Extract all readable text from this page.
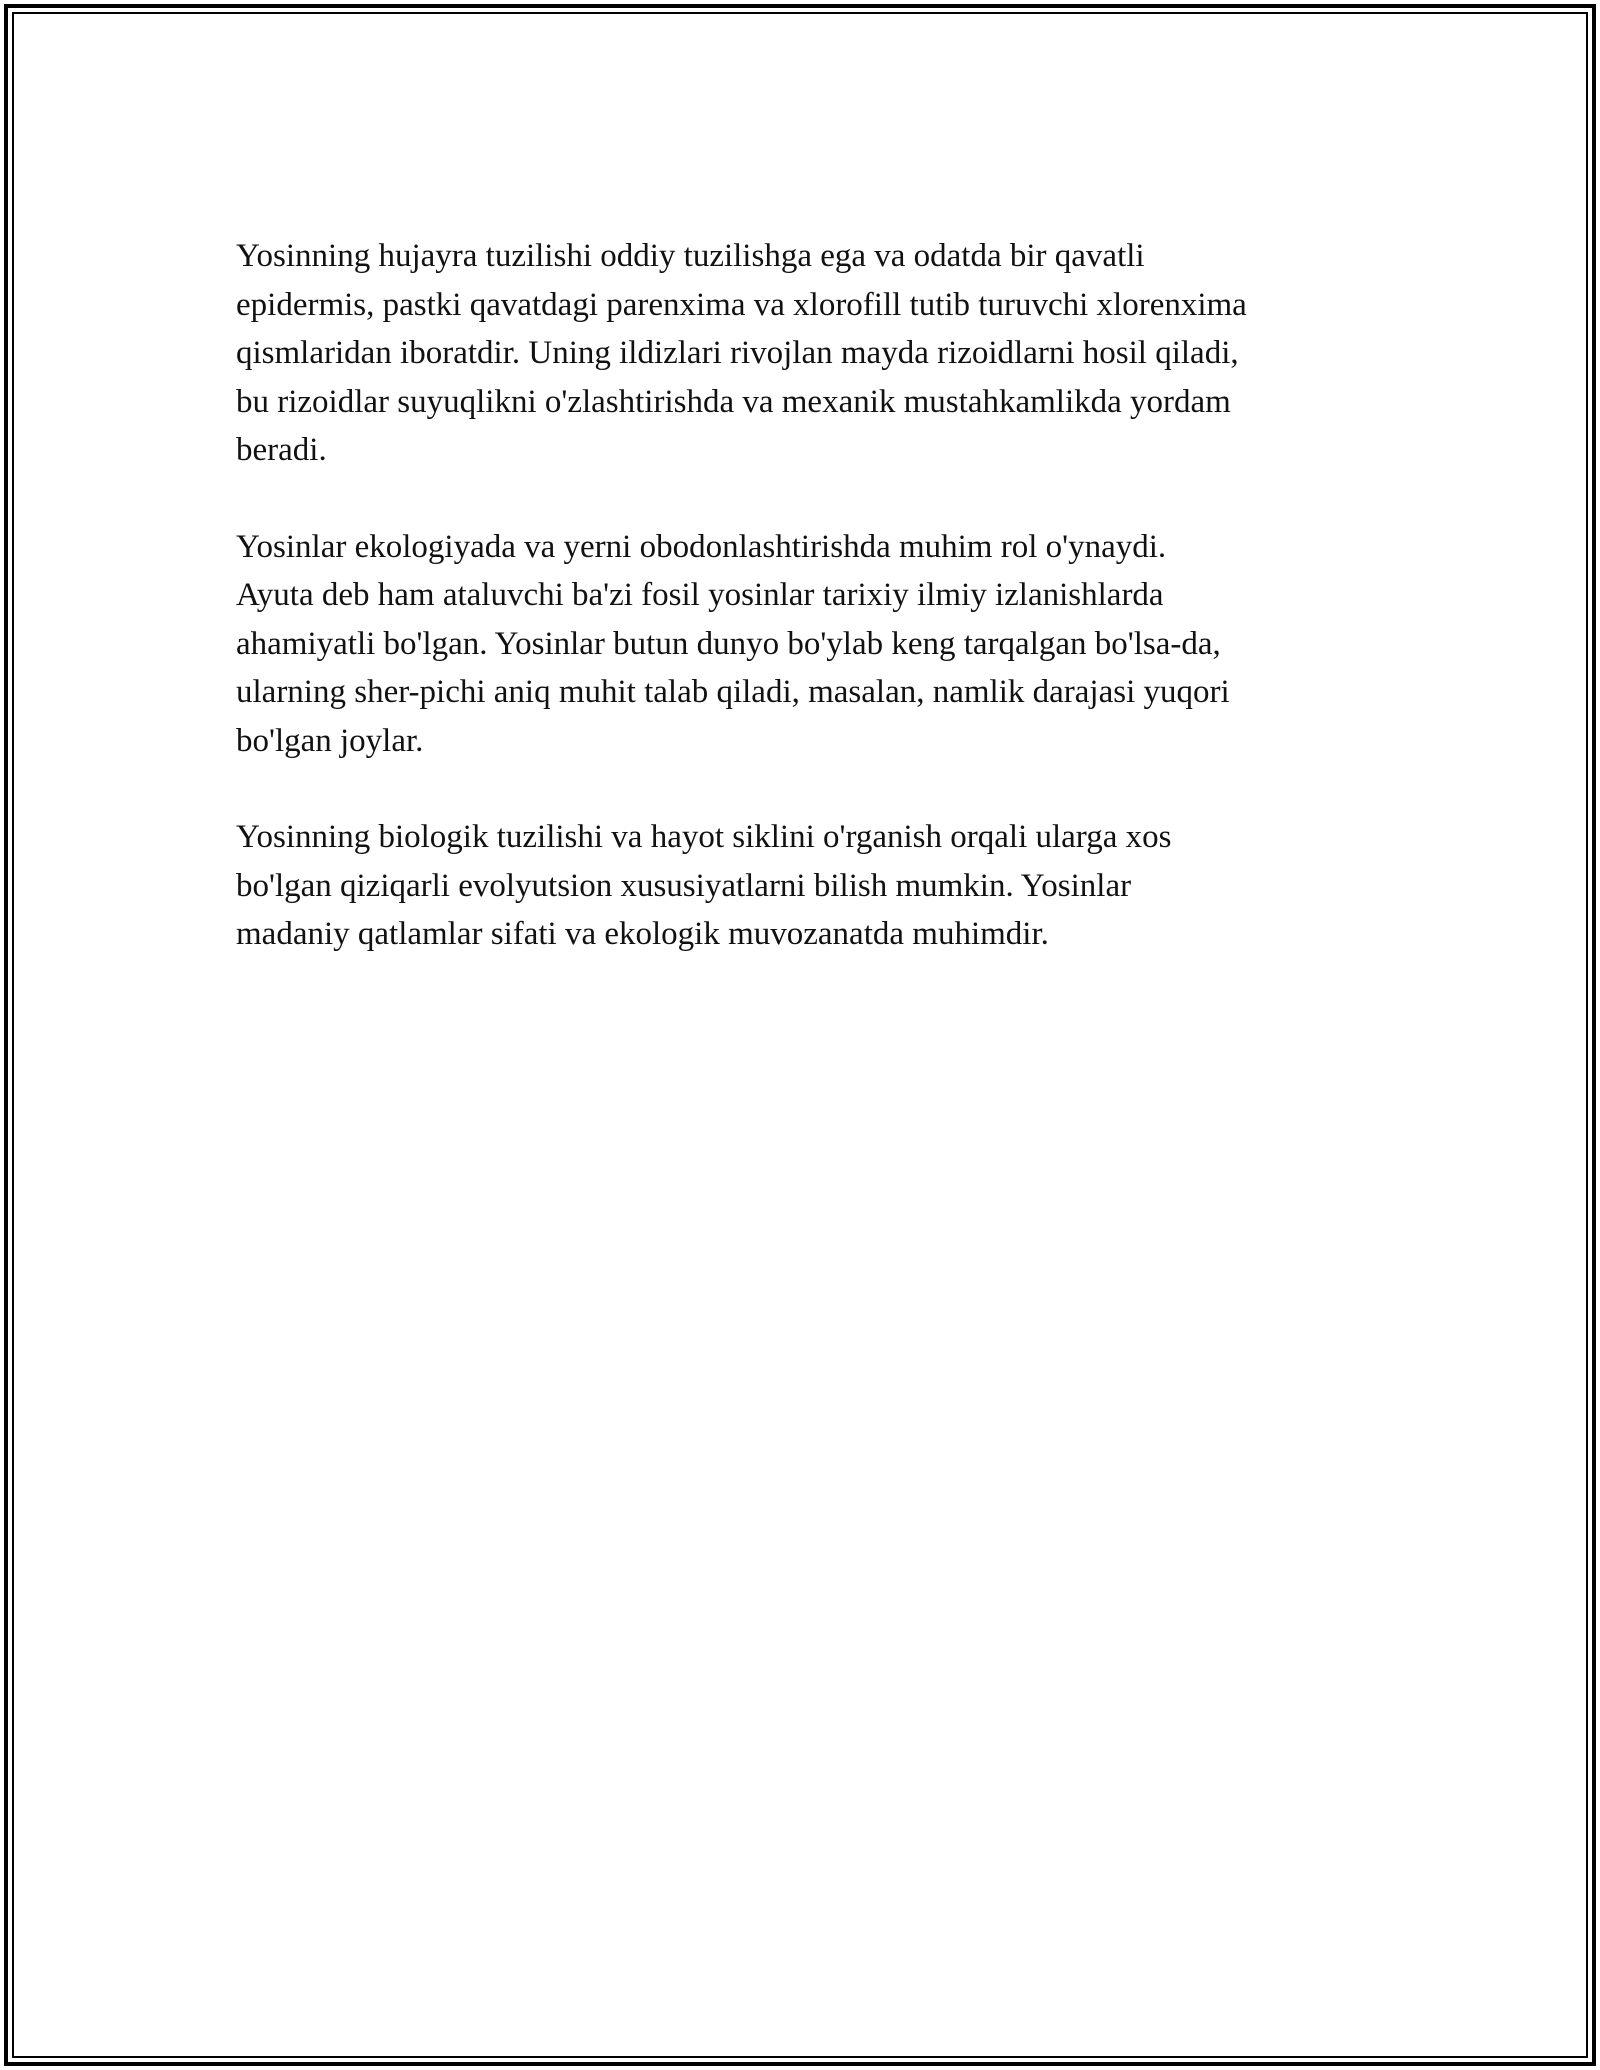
Yosinning hujayra tuzilishi oddiy tuzilishga ega va odatda bir qavatli
epidermis, pastki qavatdagi parenxima va xlorofill tutib turuvchi xlorenxima
qismlaridan iboratdir. Uning ildizlari rivojlan mayda rizoidlarni hosil qiladi,
bu rizoidlar suyuqlikni o'zlashtirishda va mexanik mustahkamlikda yordam
beradi.

Yosinlar ekologiyada va yerni obodonlashtirishda muhim rol o'ynaydi.
Ayuta deb ham ataluvchi ba'zi fosil yosinlar tarixiy ilmiy izlanishlarda
ahamiyatli bo'lgan. Yosinlar butun dunyo bo'ylab keng tarqalgan bo'lsa-da,
ularning sher-pichi aniq muhit talab qiladi, masalan, namlik darajasi yuqori
bo'lgan joylar.

Yosinning biologik tuzilishi va hayot siklini o'rganish orqali ularga xos
bo'lgan qiziqarli evolyutsion xususiyatlarni bilish mumkin. Yosinlar
madaniy qatlamlar sifati va ekologik muvozanatda muhimdir.
